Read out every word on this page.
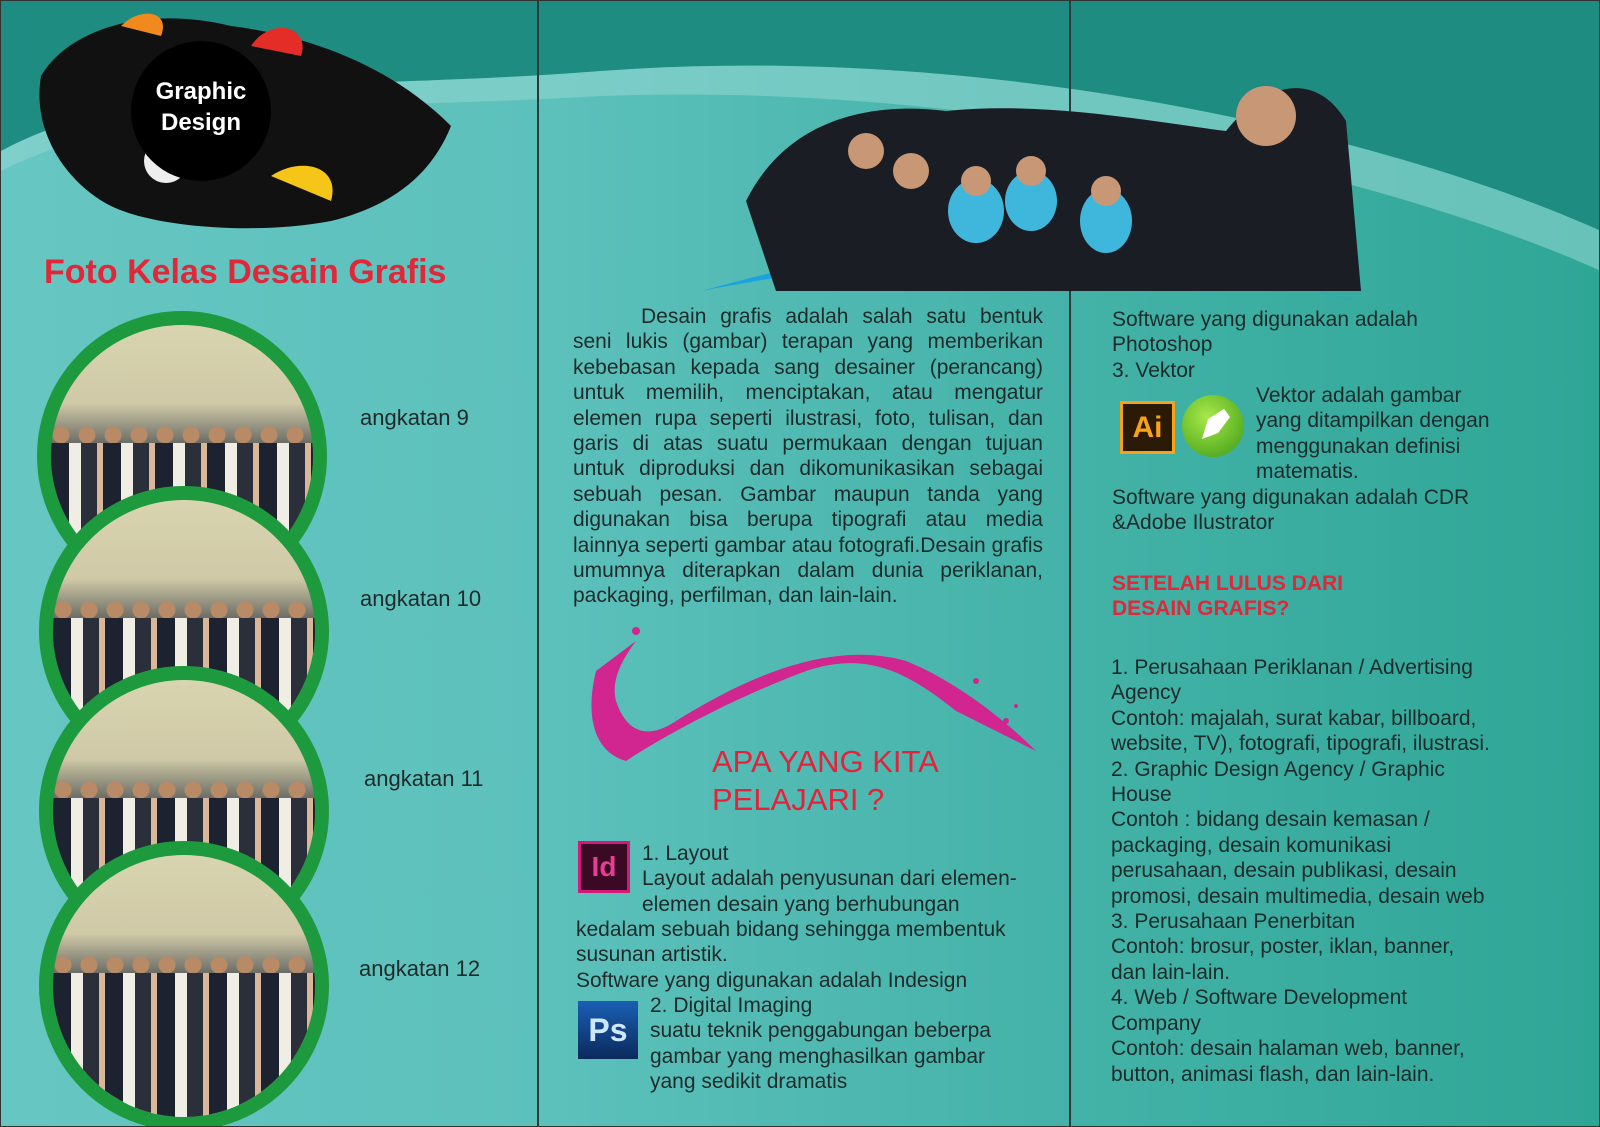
Graphic
Design
Foto Kelas Desain Grafis
angkatan 9
angkatan 10
angkatan 11
angkatan 12
Desain grafis adalah salah satu bentuk seni lukis (gambar) terapan yang memberikan kebebasan kepada sang desainer (perancang) untuk memilih, menciptakan, atau mengatur elemen rupa seperti ilustrasi, foto, tulisan, dan garis di atas suatu permukaan dengan tujuan untuk diproduksi dan dikomunikasikan sebagai sebuah pesan. Gambar maupun tanda yang digunakan bisa berupa tipografi atau media lainnya seperti gambar atau fotografi.Desain grafis umumnya diterapkan dalam dunia periklanan, packaging, perfilman, dan lain-lain.
APA YANG KITA
PELAJARI ?
Id	1. Layout
Layout adalah penyusunan dari elemen-
elemen desain yang berhubungan
kedalam sebuah bidang sehingga membentuk
susunan artistik.
Software yang digunakan adalah Indesign
Ps
2. Digital Imaging
suatu teknik penggabungan beberpa
gambar yang menghasilkan gambar
yang sedikit dramatis
Software yang digunakan adalah
Photoshop
3. Vektor
Ai
Vektor adalah gambar
yang ditampilkan dengan
menggunakan definisi
matematis.
Software yang digunakan adalah CDR
&Adobe Ilustrator
SETELAH LULUS DARI
DESAIN GRAFIS?
1. Perusahaan Periklanan / Advertising
Agency
Contoh: majalah, surat kabar, billboard,
website, TV), fotografi, tipografi, ilustrasi.
2. Graphic Design Agency / Graphic
House
Contoh : bidang desain kemasan /
packaging, desain komunikasi
perusahaan, desain publikasi, desain
promosi, desain multimedia, desain web
3. Perusahaan Penerbitan
Contoh: brosur, poster, iklan, banner,
dan lain-lain.
4. Web / Software Development
Company
Contoh: desain halaman web, banner,
button, animasi flash, dan lain-lain.
